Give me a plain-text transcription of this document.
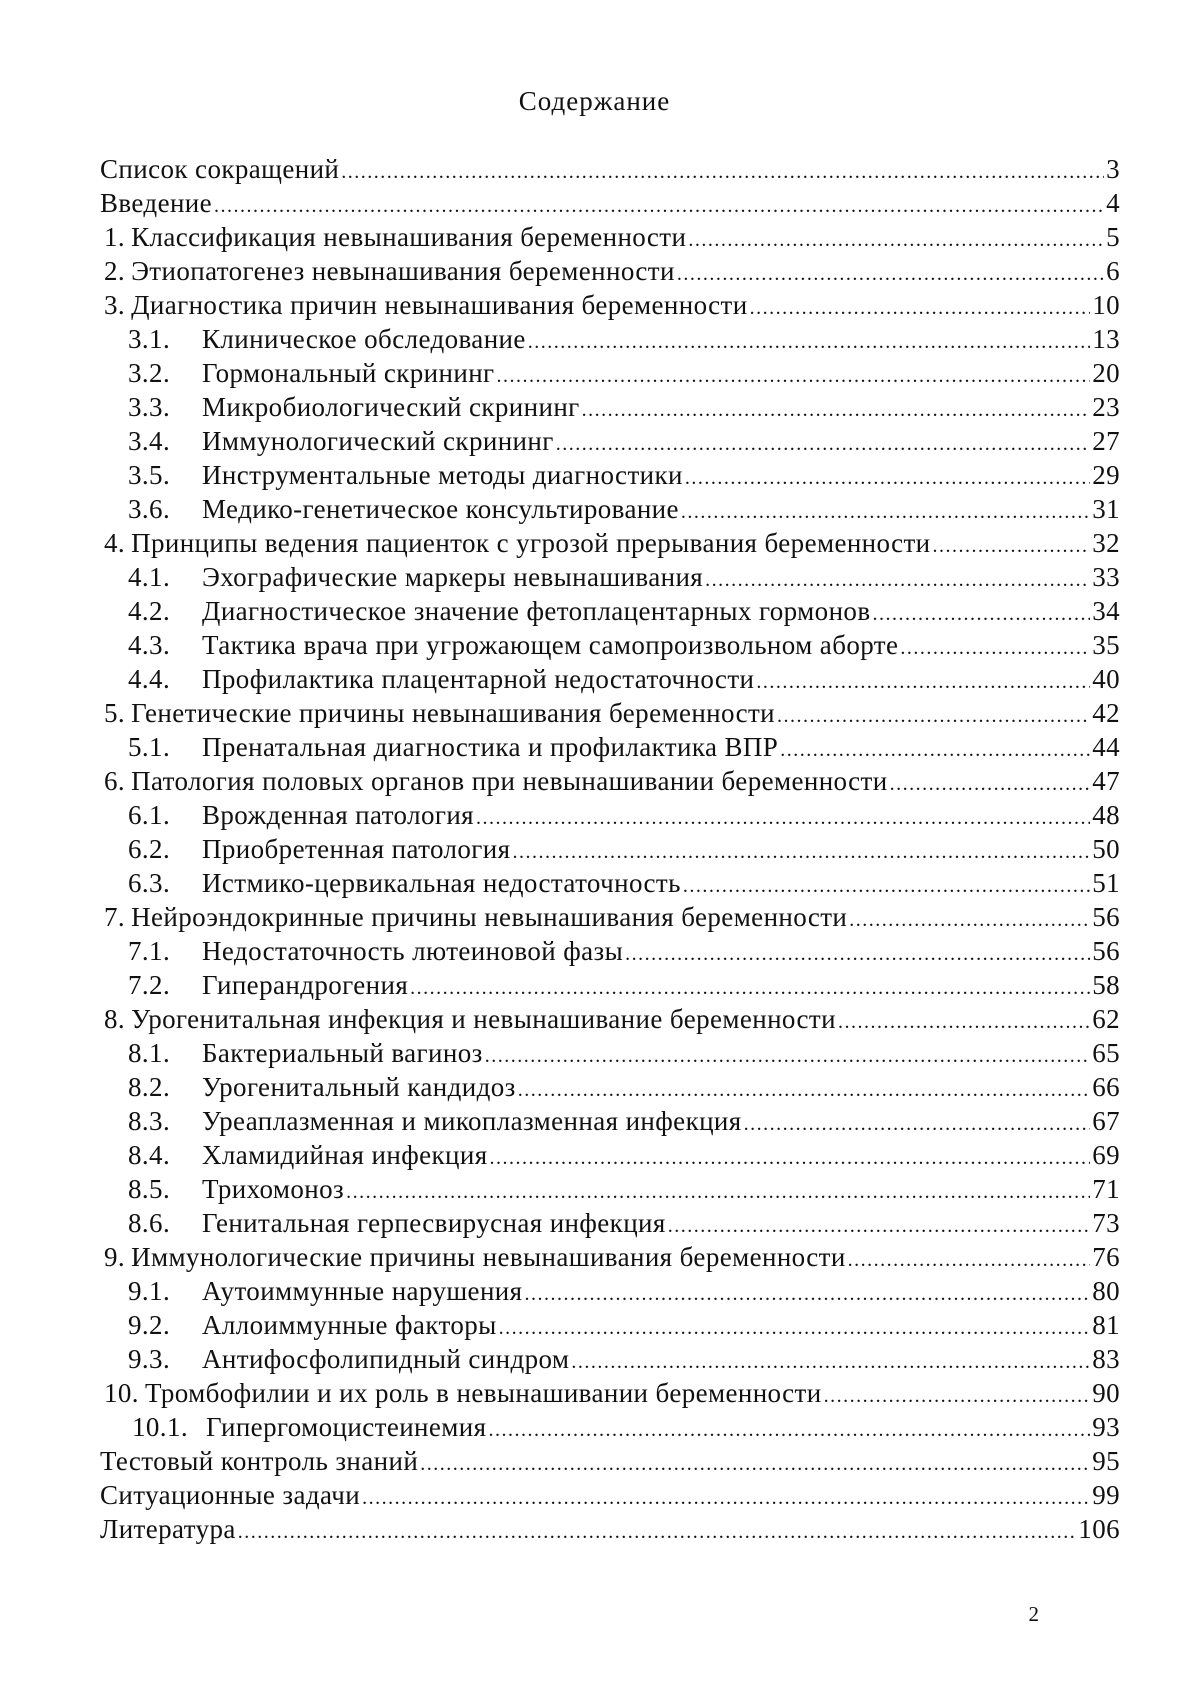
Содержание
Список сокращений .....	3
Введение .....	4
1. Классификация невынашивания беременности .....	5
2. Этиопатогенез невынашивания беременности .....	6
3. Диагностика причин невынашивания беременности .....	10
3.1. Клиническое обследование .....	13
3.2. Гормональный скрининг .....	20
3.3. Микробиологический скрининг .....	23
3.4. Иммунологический скрининг .....	27
3.5. Инструментальные методы диагностики .....	29
3.6. Медико-генетическое консультирование .....	31
4. Принципы ведения пациенток с угрозой прерывания беременности .....	32
4.1. Эхографические маркеры невынашивания .....	33
4.2. Диагностическое значение фетоплацентарных гормонов .....	34
4.3. Тактика врача при угрожающем самопроизвольном аборте .....	35
4.4. Профилактика плацентарной недостаточности .....	40
5. Генетические причины невынашивания беременности .....	42
5.1. Пренатальная диагностика и профилактика ВПР .....	44
6. Патология половых органов при невынашивании беременности .....	47
6.1. Врожденная патология .....	48
6.2. Приобретенная патология .....	50
6.3. Истмико-цервикальная недостаточность .....	51
7. Нейроэндокринные причины невынашивания беременности .....	56
7.1. Недостаточность лютеиновой фазы .....	56
7.2. Гиперандрогения .....	58
8. Урогенитальная инфекция и невынашивание беременности .....	62
8.1. Бактериальный вагиноз .....	65
8.2. Урогенитальный кандидоз .....	66
8.3. Уреаплазменная и микоплазменная инфекция .....	67
8.4. Хламидийная инфекция .....	69
8.5. Трихомоноз .....	71
8.6. Генитальная герпесвирусная инфекция .....	73
9. Иммунологические причины невынашивания беременности .....	76
9.1. Аутоиммунные нарушения .....	80
9.2. Аллоиммунные факторы .....	81
9.3. Антифосфолипидный синдром .....	83
10. Тромбофилии и их роль в невынашивании беременности .....	90
10.1. Гипергомоцистеинемия .....	93
Тестовый контроль знаний .....	95
Ситуационные задачи .....	99
Литература .....	106
2
